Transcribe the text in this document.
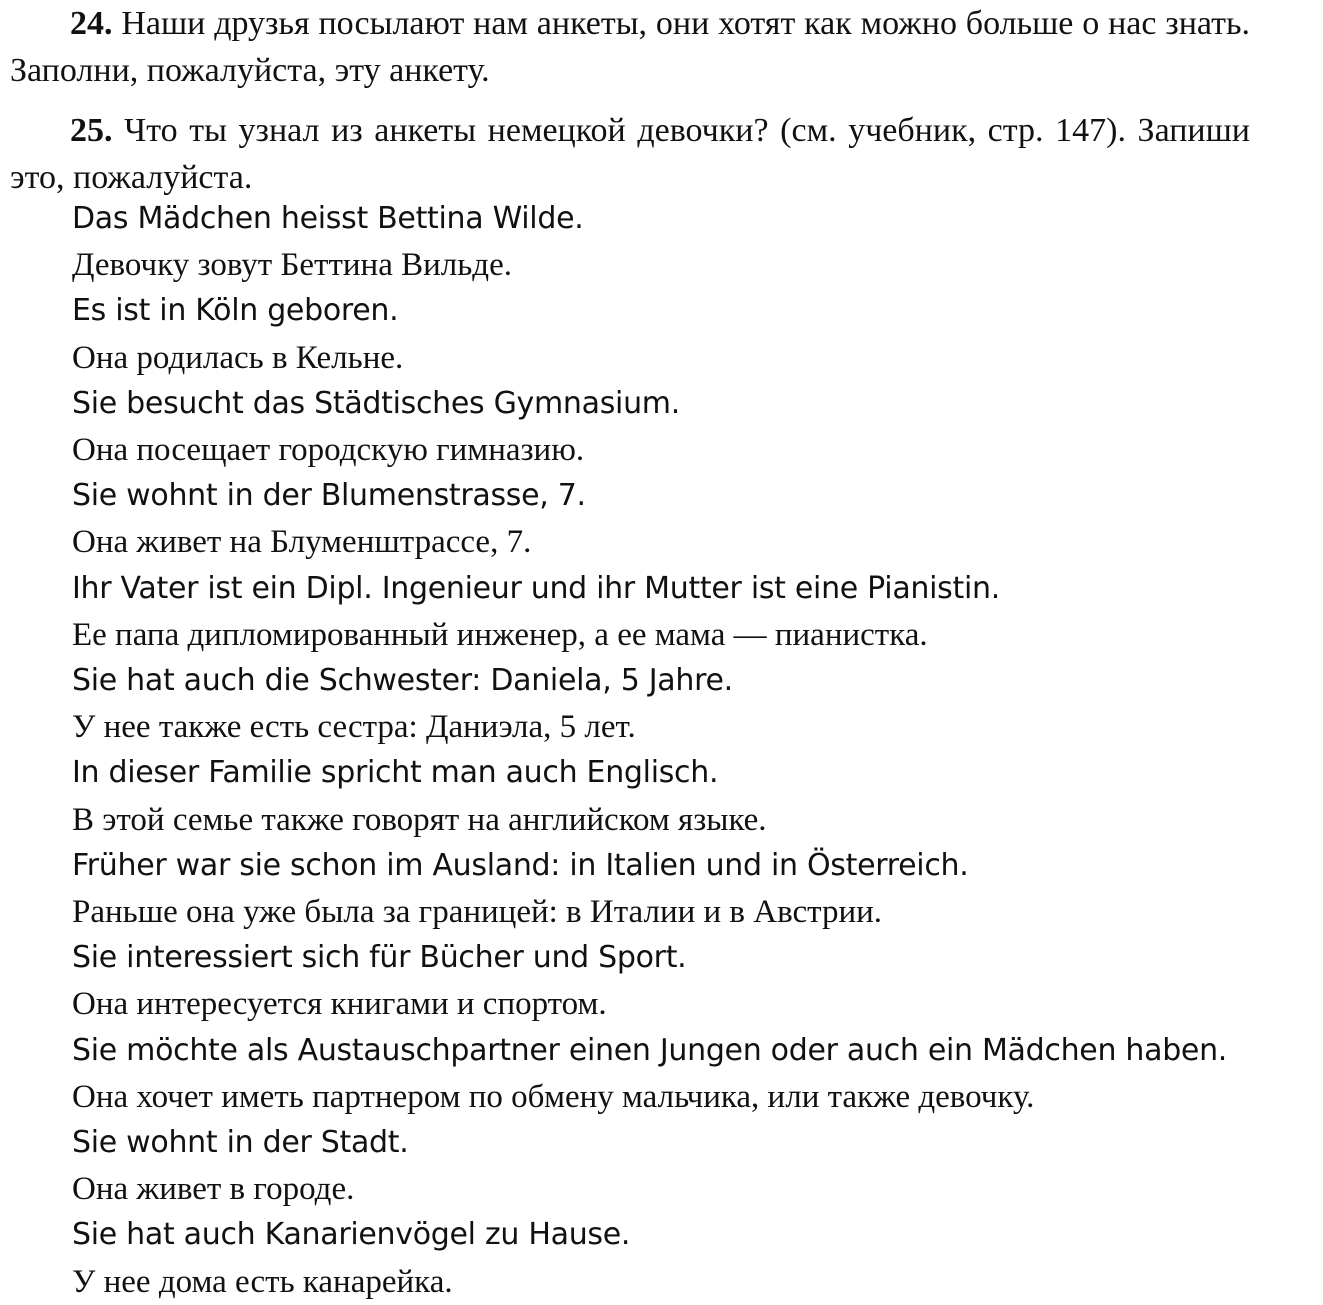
24. Наши друзья посылают нам анкеты, они хотят как можно больше о нас знать. Заполни, пожалуйста, эту анкету.

25. Что ты узнал из анкеты немецкой девочки? (см. учебник, стр. 147). Запиши это, пожалуйста.

Das Mädchen heisst Bettina Wilde.
Девочку зовут Беттина Вильде.
Es ist in Köln geboren.
Она родилась в Кельне.
Sie besucht das Städtisches Gymnasium.
Она посещает городскую гимназию.
Sie wohnt in der Blumenstrasse, 7.
Она живет на Блуменштрассе, 7.
Ihr Vater ist ein Dipl. Ingenieur und ihr Mutter ist eine Pianistin.
Ее папа дипломированный инженер, а ее мама — пианистка.
Sie hat auch die Schwester: Daniela, 5 Jahre.
У нее также есть сестра: Даниэла, 5 лет.
In dieser Familie spricht man auch Englisch.
В этой семье также говорят на английском языке.
Früher war sie schon im Ausland: in Italien und in Österreich.
Раньше она уже была за границей: в Италии и в Австрии.
Sie interessiert sich für Bücher und Sport.
Она интересуется книгами и спортом.
Sie möchte als Austauschpartner einen Jungen oder auch ein Mädchen haben.
Она хочет иметь партнером по обмену мальчика, или также девочку.
Sie wohnt in der Stadt.
Она живет в городе.
Sie hat auch Kanarienvögel zu Hause.
У нее дома есть канарейка.
